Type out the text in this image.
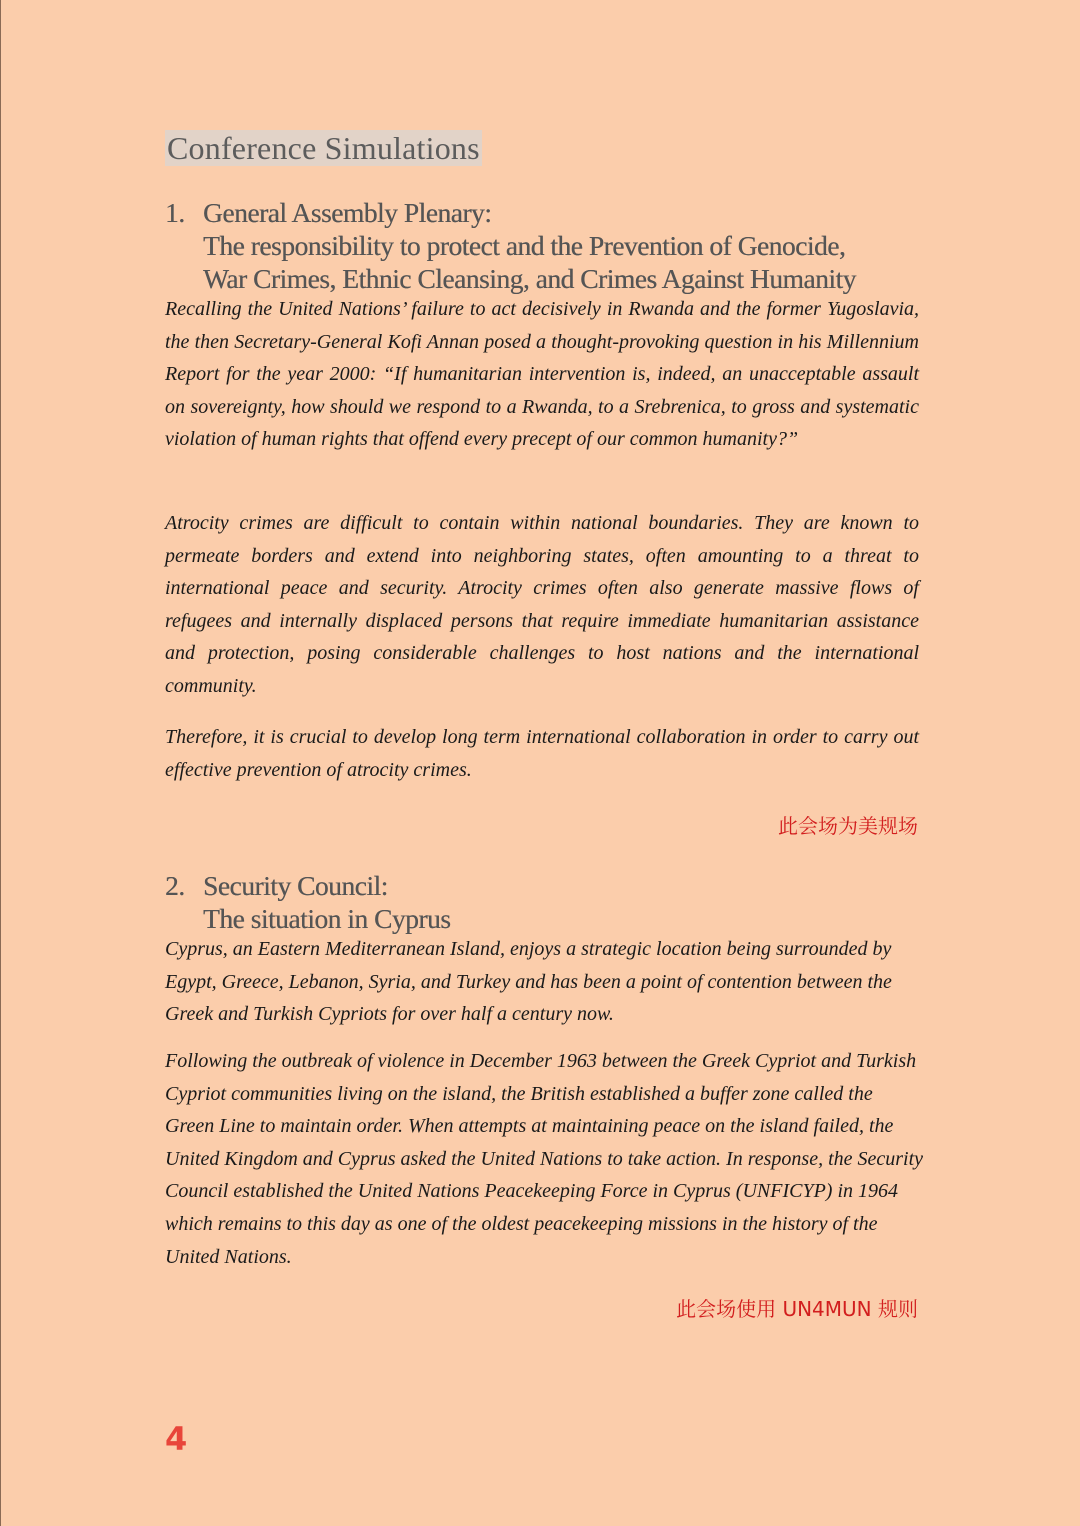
Conference Simulations
1. General Assembly Plenary:
The responsibility to protect and the Prevention of Genocide,
War Crimes, Ethnic Cleansing, and Crimes Against Humanity

Recalling the United Nations’ failure to act decisively in Rwanda and the former Yugoslavia, the then Secretary-General Kofi Annan posed a thought-provoking question in his Millennium Report for the year 2000: “If humanitarian intervention is, indeed, an unacceptable assault on sovereignty, how should we respond to a Rwanda, to a Srebrenica, to gross and systematic violation of human rights that offend every precept of our common humanity?”

Atrocity crimes are difficult to contain within national boundaries. They are known to permeate borders and extend into neighboring states, often amounting to a threat to international peace and security. Atrocity crimes often also generate massive flows of refugees and internally displaced persons that require immediate humanitarian assistance and protection, posing considerable challenges to host nations and the international community.

Therefore, it is crucial to develop long term international collaboration in order to carry out effective prevention of atrocity crimes.

此会场为美规场
2. Security Council:
The situation in Cyprus

Cyprus, an Eastern Mediterranean Island, enjoys a strategic location being surrounded by Egypt, Greece, Lebanon, Syria, and Turkey and has been a point of contention between the Greek and Turkish Cypriots for over half a century now.

Following the outbreak of violence in December 1963 between the Greek Cypriot and Turkish Cypriot communities living on the island, the British established a buffer zone called the Green Line to maintain order. When attempts at maintaining peace on the island failed, the United Kingdom and Cyprus asked the United Nations to take action. In response, the Security Council established the United Nations Peacekeeping Force in Cyprus (UNFICYP) in 1964 which remains to this day as one of the oldest peacekeeping missions in the history of the United Nations.

此会场使用 UN4MUN 规则
4
